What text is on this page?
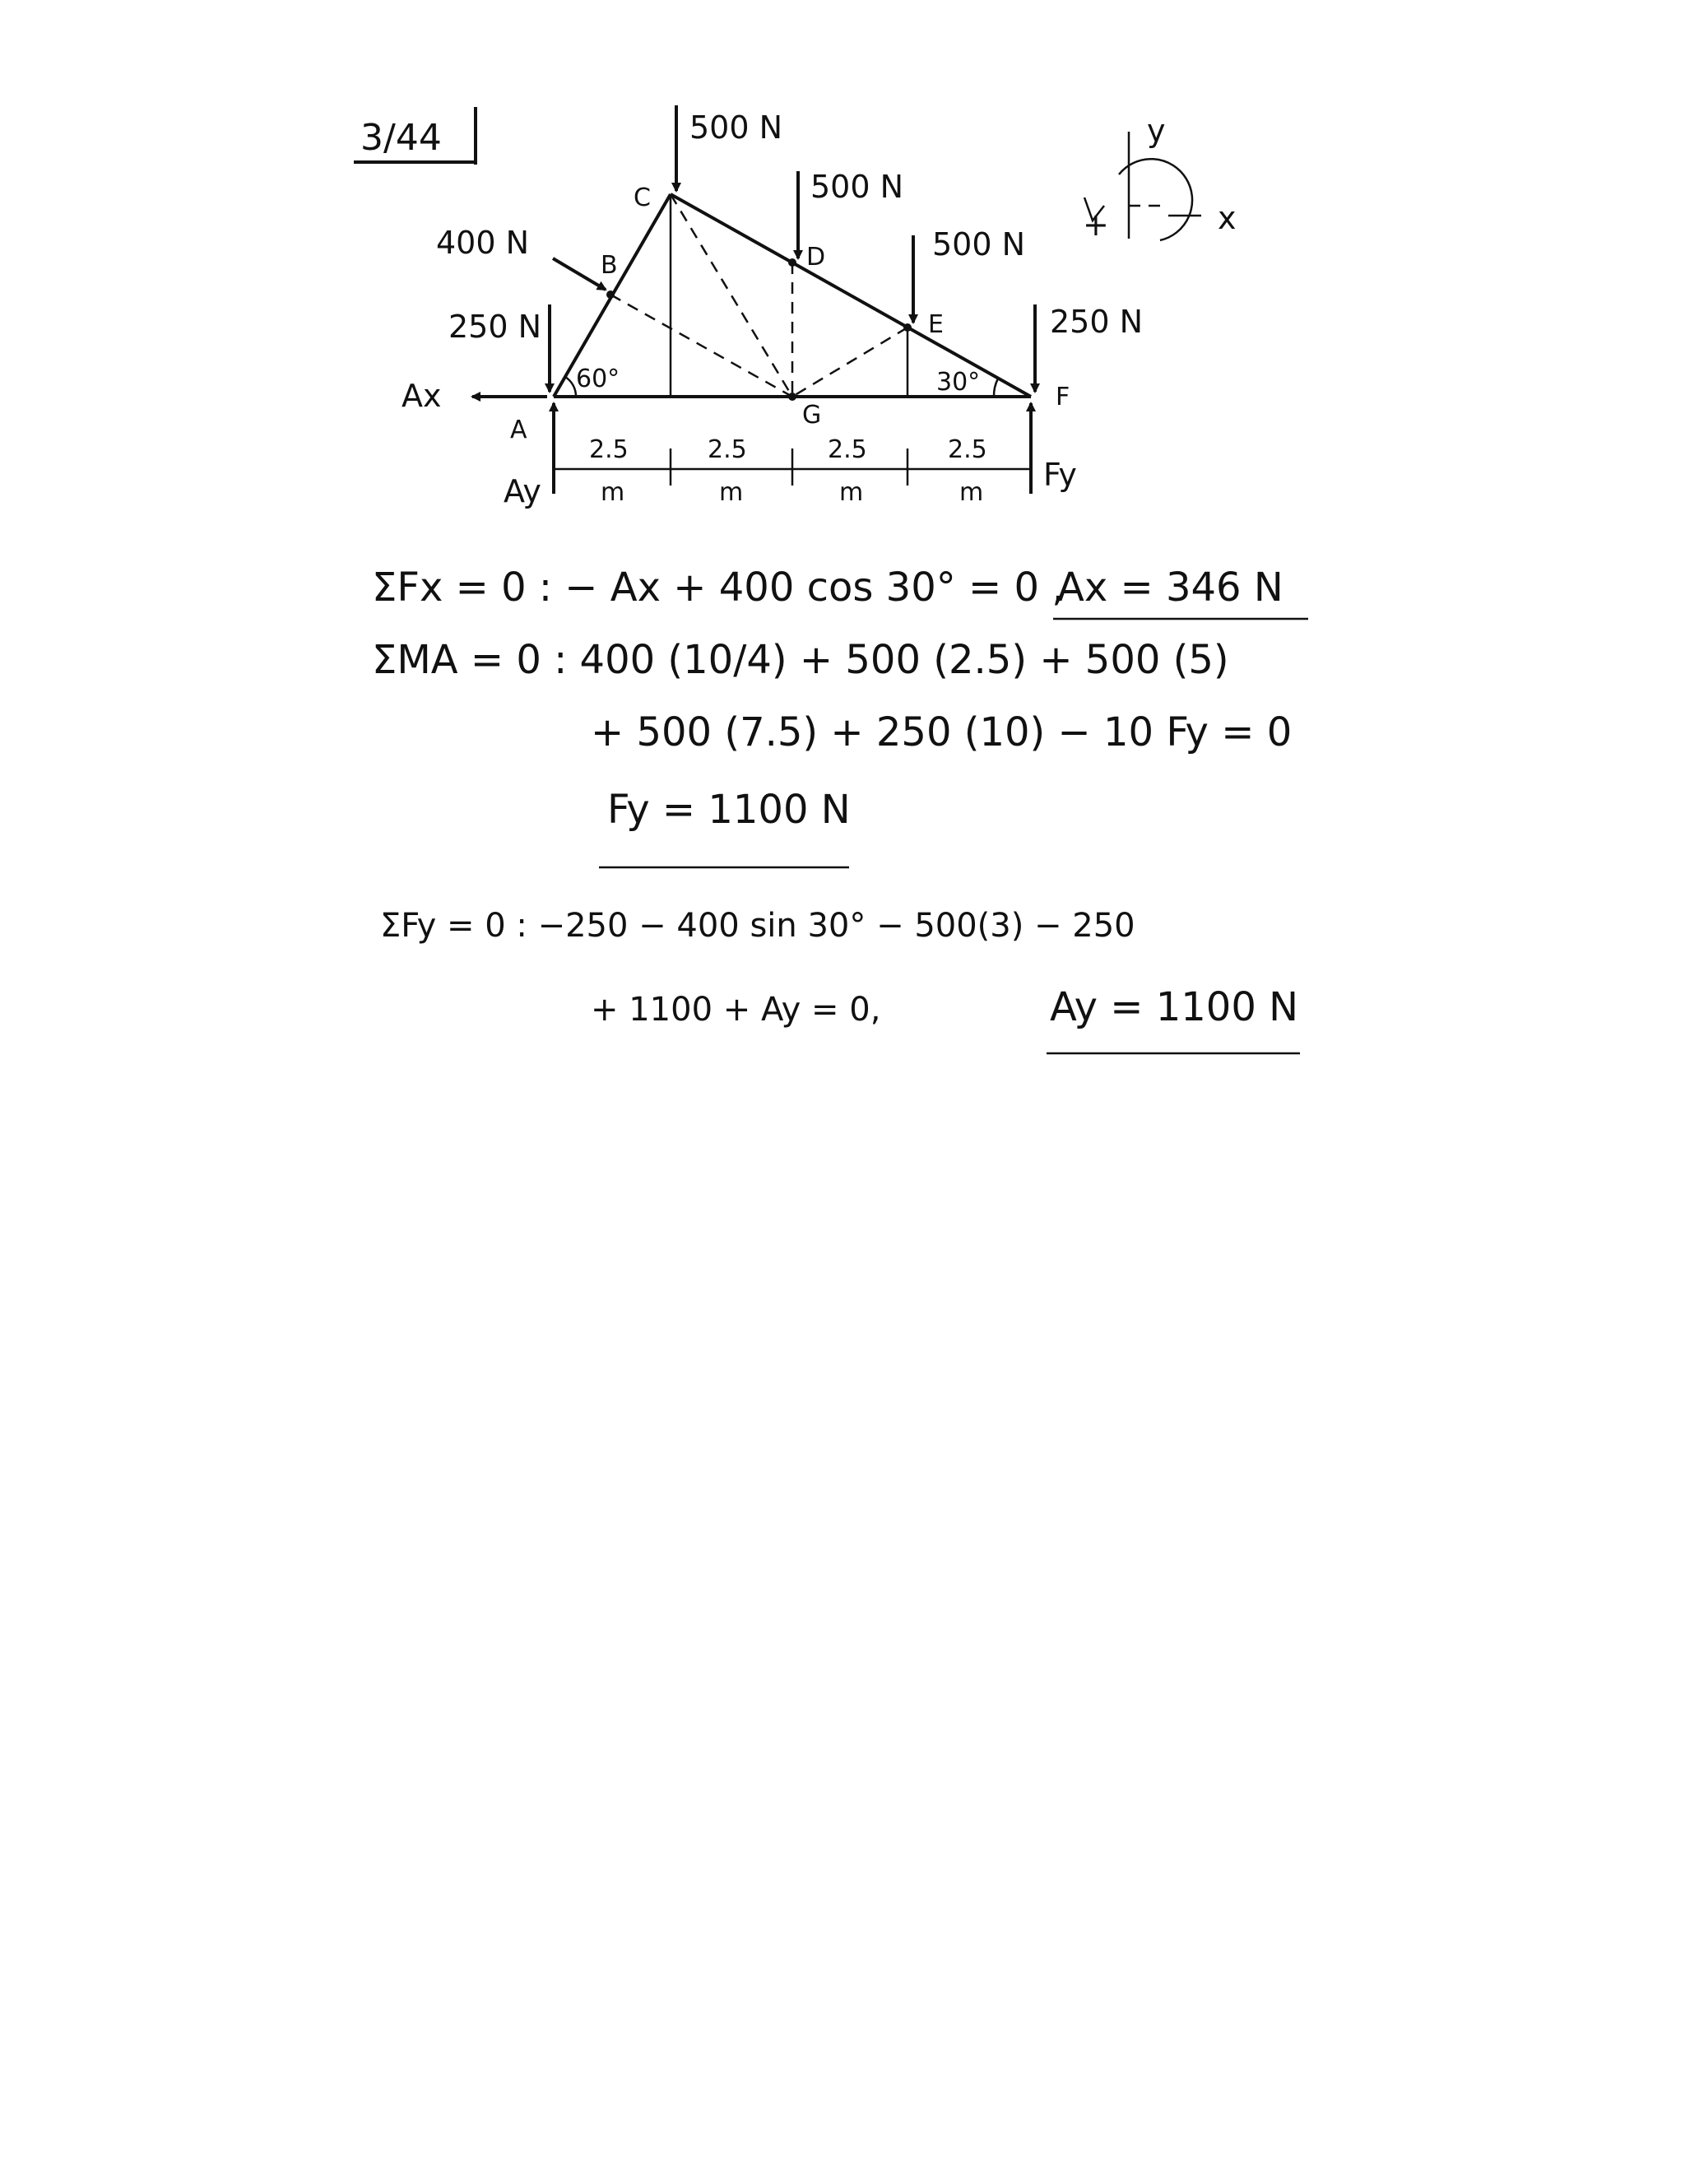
3/44	y
x
+
A
B
C
D
E
F
G
500 N
500 N
500 N
250 N	250 N
400 N
Ax
Ay	Fy
60°	30°
2.5
m
2.5
m
2.5
m
2.5
m
ΣFx = 0 : − Ax + 400 cos 30° = 0 ,
Ax = 346 N
ΣMA = 0 : 400 (10/4) + 500 (2.5) + 500 (5)
+ 500 (7.5) + 250 (10) − 10 Fy = 0
Fy = 1100 N
ΣFy = 0 : −250 − 400 sin 30° − 500(3) − 250
+ 1100 + Ay = 0,	Ay = 1100 N
